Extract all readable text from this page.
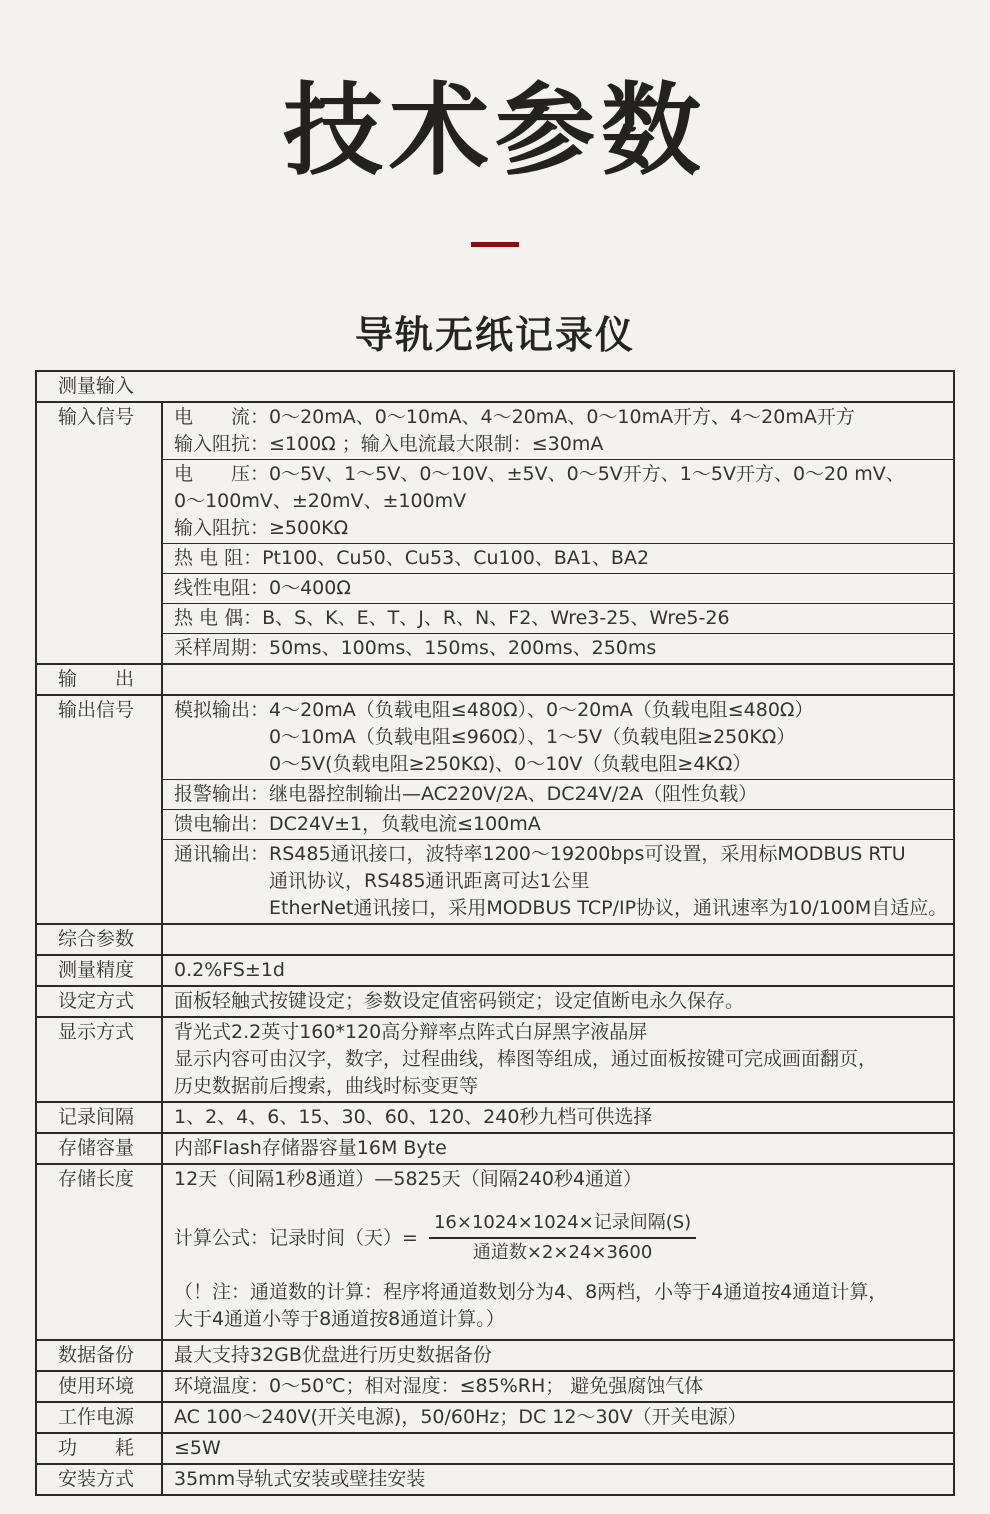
技术参数
导轨无纸记录仪
测量输入
输入信号	电　　流：0～20mA、0～10mA、4～20mA、0～10mA开方、4～20mA开方
输入阻抗：≤100Ω ；输入电流最大限制：≤30mA
电　　压：0～5V、1～5V、0～10V、±5V、0～5V开方、1～5V开方、0～20 mV、
0～100mV、±20mV、±100mV
输入阻抗：≥500KΩ
热 电 阻：Pt100、Cu50、Cu53、Cu100、BA1、BA2
线性电阻：0～400Ω
热 电 偶：B、S、K、E、T、J、R、N、F2、Wre3-25、Wre5-26
采样周期：50ms、100ms、150ms、200ms、250ms
输　　出
输出信号	模拟输出：4～20mA（负载电阻≤480Ω）、0～20mA（负载电阻≤480Ω）
0～10mA（负载电阻≤960Ω）、1～5V（负载电阻≥250KΩ）
0～5V(负载电阻≥250KΩ)、0～10V（负载电阻≥4KΩ）
报警输出：继电器控制输出—AC220V/2A、DC24V/2A（阻性负载）
馈电输出：DC24V±1，负载电流≤100mA
通讯输出：RS485通讯接口，波特率1200～19200bps可设置，采用标MODBUS RTU
通讯协议，RS485通讯距离可达1公里
EtherNet通讯接口，采用MODBUS TCP/IP协议，通讯速率为10/100M自适应。
综合参数
测量精度	0.2%FS±1d
设定方式	面板轻触式按键设定；参数设定值密码锁定；设定值断电永久保存。
显示方式	背光式2.2英寸160*120高分辩率点阵式白屏黑字液晶屏
显示内容可由汉字，数字，过程曲线，棒图等组成，通过面板按键可完成画面翻页，
历史数据前后搜索，曲线时标变更等
记录间隔	1、2、4、6、15、30、60、120、240秒九档可供选择
存储容量	内部Flash存储器容量16M Byte
存储长度	12天（间隔1秒8通道）—5825天（间隔240秒4通道）
计算公式：记录时间（天）= $\frac{\text{16×1024×1024×记录间隔(S)}}{\text{通道数×2×24×3600}}$
（！注：通道数的计算：程序将通道数划分为4、8两档，小等于4通道按4通道计算，
大于4通道小等于8通道按8通道计算。）
数据备份	最大支持32GB优盘进行历史数据备份
使用环境	环境温度：0～50℃；相对湿度：≤85%RH； 避免强腐蚀气体
工作电源	AC 100～240V(开关电源)，50/60Hz；DC 12～30V（开关电源）
功　　耗	≤5W
安装方式	35mm导轨式安装或壁挂安装
